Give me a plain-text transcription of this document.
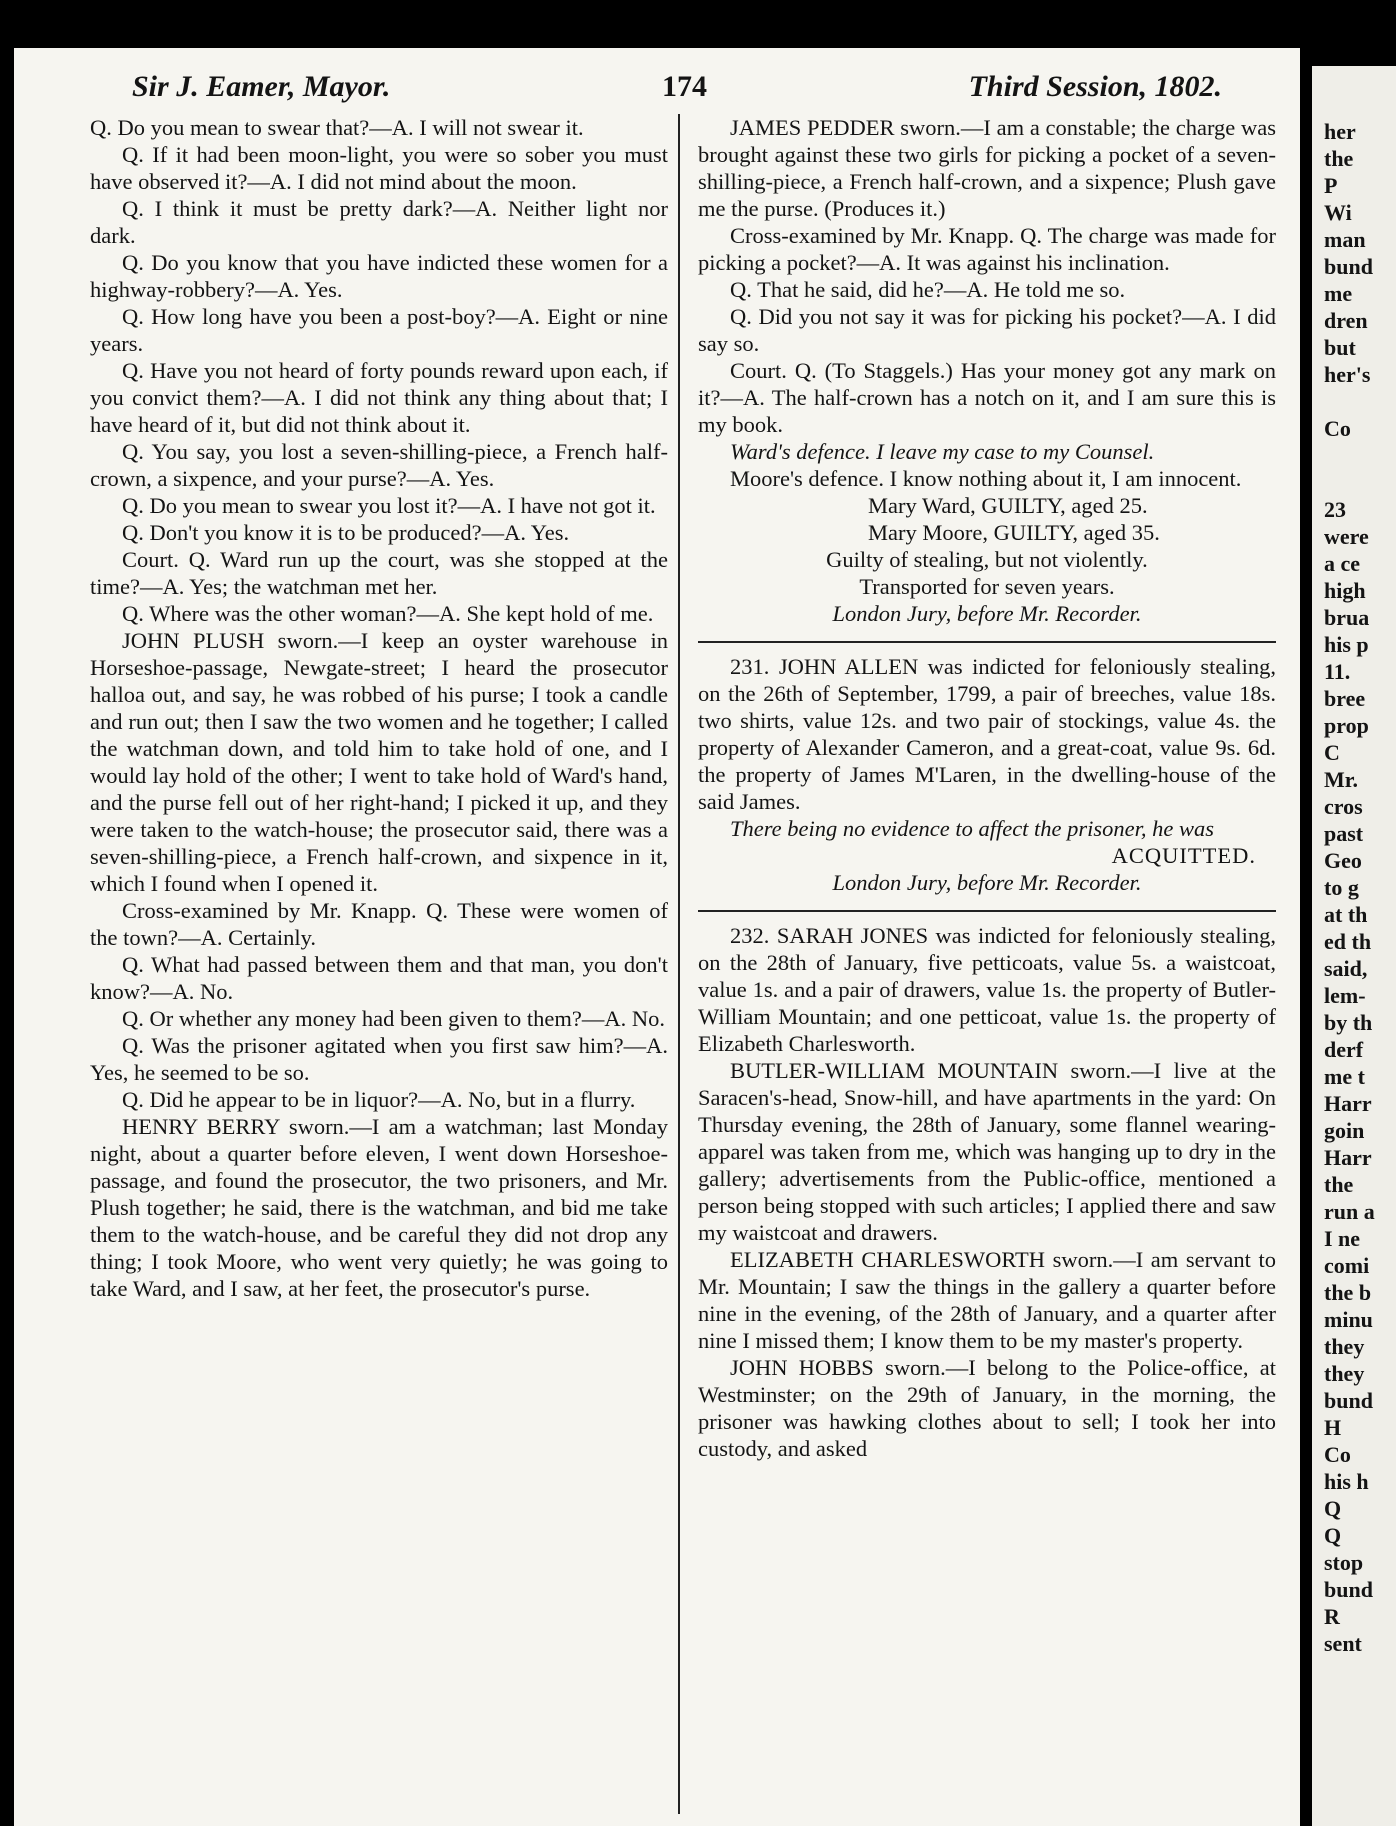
Sir J. Eamer, Mayor.	174	Third Session, 1802.

Q. Do you mean to swear that?—A. I will not swear it.

Q. If it had been moon-light, you were so sober you must have observed it?—A. I did not mind about the moon.

Q. I think it must be pretty dark?—A. Neither light nor dark.

Q. Do you know that you have indicted these women for a highway-robbery?—A. Yes.

Q. How long have you been a post-boy?—A. Eight or nine years.

Q. Have you not heard of forty pounds reward upon each, if you convict them?—A. I did not think any thing about that; I have heard of it, but did not think about it.

Q. You say, you lost a seven-shilling-piece, a French half-crown, a sixpence, and your purse?—A. Yes.

Q. Do you mean to swear you lost it?—A. I have not got it.

Q. Don't you know it is to be produced?—A. Yes.

Court. Q. Ward run up the court, was she stopped at the time?—A. Yes; the watchman met her.

Q. Where was the other woman?—A. She kept hold of me.

JOHN PLUSH sworn.—I keep an oyster warehouse in Horseshoe-passage, Newgate-street; I heard the prosecutor halloa out, and say, he was robbed of his purse; I took a candle and run out; then I saw the two women and he together; I called the watchman down, and told him to take hold of one, and I would lay hold of the other; I went to take hold of Ward's hand, and the purse fell out of her right-hand; I picked it up, and they were taken to the watch-house; the prosecutor said, there was a seven-shilling-piece, a French half-crown, and sixpence in it, which I found when I opened it.

Cross-examined by Mr. Knapp. Q. These were women of the town?—A. Certainly.

Q. What had passed between them and that man, you don't know?—A. No.

Q. Or whether any money had been given to them?—A. No.

Q. Was the prisoner agitated when you first saw him?—A. Yes, he seemed to be so.

Q. Did he appear to be in liquor?—A. No, but in a flurry.

HENRY BERRY sworn.—I am a watchman; last Monday night, about a quarter before eleven, I went down Horseshoe-passage, and found the prosecutor, the two prisoners, and Mr. Plush together; he said, there is the watchman, and bid me take them to the watch-house, and be careful they did not drop any thing; I took Moore, who went very quietly; he was going to take Ward, and I saw, at her feet, the prosecutor's purse.

JAMES PEDDER sworn.—I am a constable; the charge was brought against these two girls for picking a pocket of a seven-shilling-piece, a French half-crown, and a sixpence; Plush gave me the purse. (Produces it.)

Cross-examined by Mr. Knapp. Q. The charge was made for picking a pocket?—A. It was against his inclination.

Q. That he said, did he?—A. He told me so.

Q. Did you not say it was for picking his pocket?—A. I did say so.

Court. Q. (To Staggels.) Has your money got any mark on it?—A. The half-crown has a notch on it, and I am sure this is my book.

Ward's defence. I leave my case to my Counsel.

Moore's defence. I know nothing about it, I am innocent.

Mary Ward, GUILTY, aged 25.

Mary Moore, GUILTY, aged 35.

Guilty of stealing, but not violently.

Transported for seven years.

London Jury, before Mr. Recorder.

231. JOHN ALLEN was indicted for feloniously stealing, on the 26th of September, 1799, a pair of breeches, value 18s. two shirts, value 12s. and two pair of stockings, value 4s. the property of Alexander Cameron, and a great-coat, value 9s. 6d. the property of James M'Laren, in the dwelling-house of the said James.

There being no evidence to affect the prisoner, he was

ACQUITTED.

London Jury, before Mr. Recorder.

232. SARAH JONES was indicted for feloniously stealing, on the 28th of January, five petticoats, value 5s. a waistcoat, value 1s. and a pair of drawers, value 1s. the property of Butler-William Mountain; and one petticoat, value 1s. the property of Elizabeth Charlesworth.

BUTLER-WILLIAM MOUNTAIN sworn.—I live at the Saracen's-head, Snow-hill, and have apartments in the yard: On Thursday evening, the 28th of January, some flannel wearing-apparel was taken from me, which was hanging up to dry in the gallery; advertisements from the Public-office, mentioned a person being stopped with such articles; I applied there and saw my waistcoat and drawers.

ELIZABETH CHARLESWORTH sworn.—I am servant to Mr. Mountain; I saw the things in the gallery a quarter before nine in the evening, of the 28th of January, and a quarter after nine I missed them; I know them to be my master's property.

JOHN HOBBS sworn.—I belong to the Police-office, at Westminster; on the 29th of January, in the morning, the prisoner was hawking clothes about to sell; I took her into custody, and asked

her
the
P
Wi
man
bund
me
dren
but
her's

Co

23
were
a ce
high
brua
his p
11.
bree
prop
C
Mr.
cros
past
Geo
to g
at th
ed th
said,
lem-
by th
derf
me t
Harr
goin
Harr
the
run a
I ne
comi
the b
minu
they
they
bund
H
Co
his h
Q
Q
stop
bund
R
sent
